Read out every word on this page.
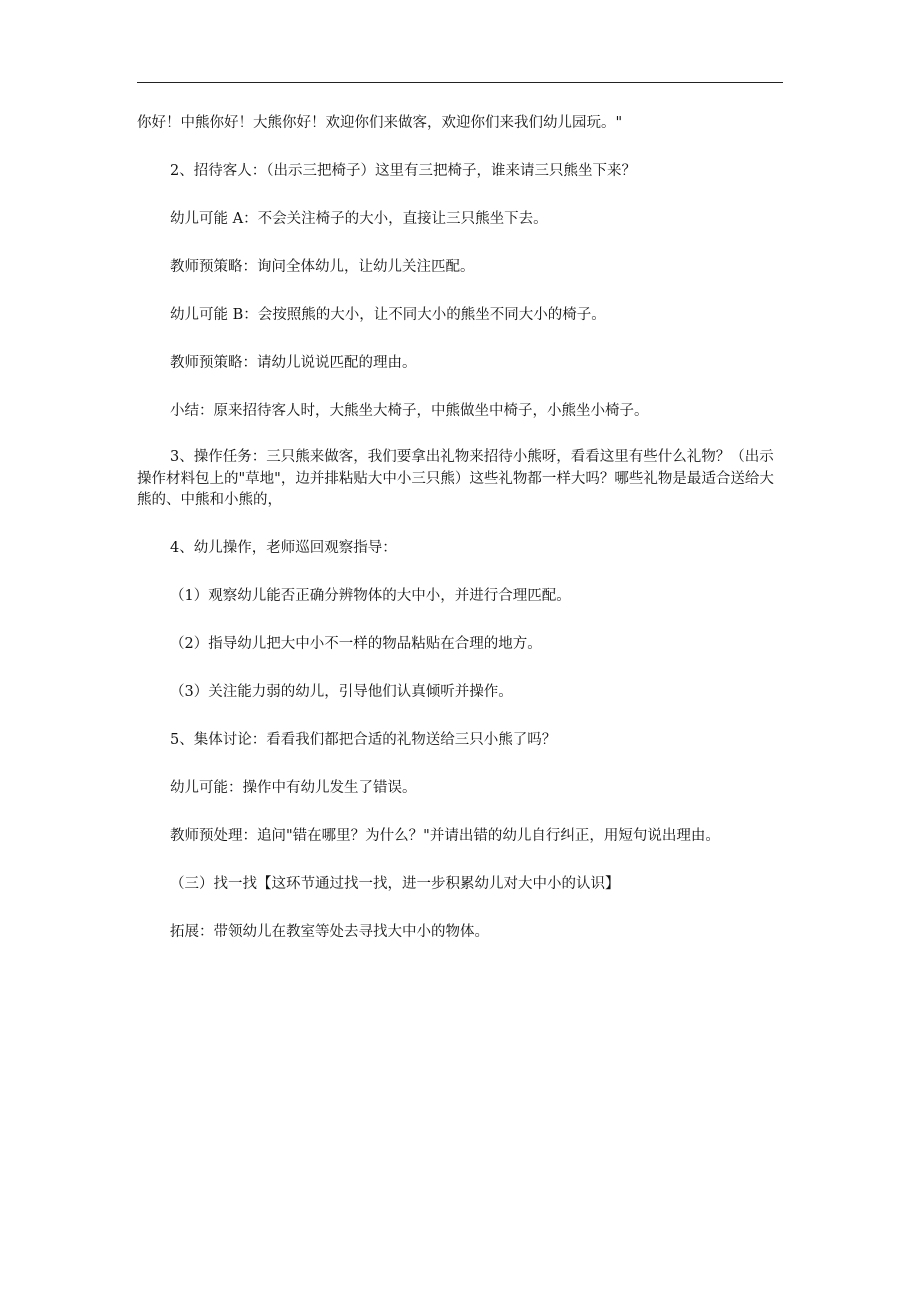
你好！中熊你好！大熊你好！欢迎你们来做客，欢迎你们来我们幼儿园玩。"

2、招待客人：（出示三把椅子）这里有三把椅子，谁来请三只熊坐下来？

幼儿可能 A：不会关注椅子的大小，直接让三只熊坐下去。

教师预策略：询问全体幼儿，让幼儿关注匹配。

幼儿可能 B：会按照熊的大小，让不同大小的熊坐不同大小的椅子。

教师预策略：请幼儿说说匹配的理由。

小结：原来招待客人时，大熊坐大椅子，中熊做坐中椅子，小熊坐小椅子。

3、操作任务：三只熊来做客，我们要拿出礼物来招待小熊呀，看看这里有些什么礼物？（出示操作材料包上的"草地"，边并排粘贴大中小三只熊）这些礼物都一样大吗？哪些礼物是最适合送给大熊的、中熊和小熊的，

4、幼儿操作，老师巡回观察指导：

（1）观察幼儿能否正确分辨物体的大中小，并进行合理匹配。

（2）指导幼儿把大中小不一样的物品粘贴在合理的地方。

（3）关注能力弱的幼儿，引导他们认真倾听并操作。

5、集体讨论：看看我们都把合适的礼物送给三只小熊了吗？

幼儿可能：操作中有幼儿发生了错误。

教师预处理：追问"错在哪里？为什么？"并请出错的幼儿自行纠正，用短句说出理由。

（三）找一找【这环节通过找一找，进一步积累幼儿对大中小的认识】

拓展：带领幼儿在教室等处去寻找大中小的物体。
